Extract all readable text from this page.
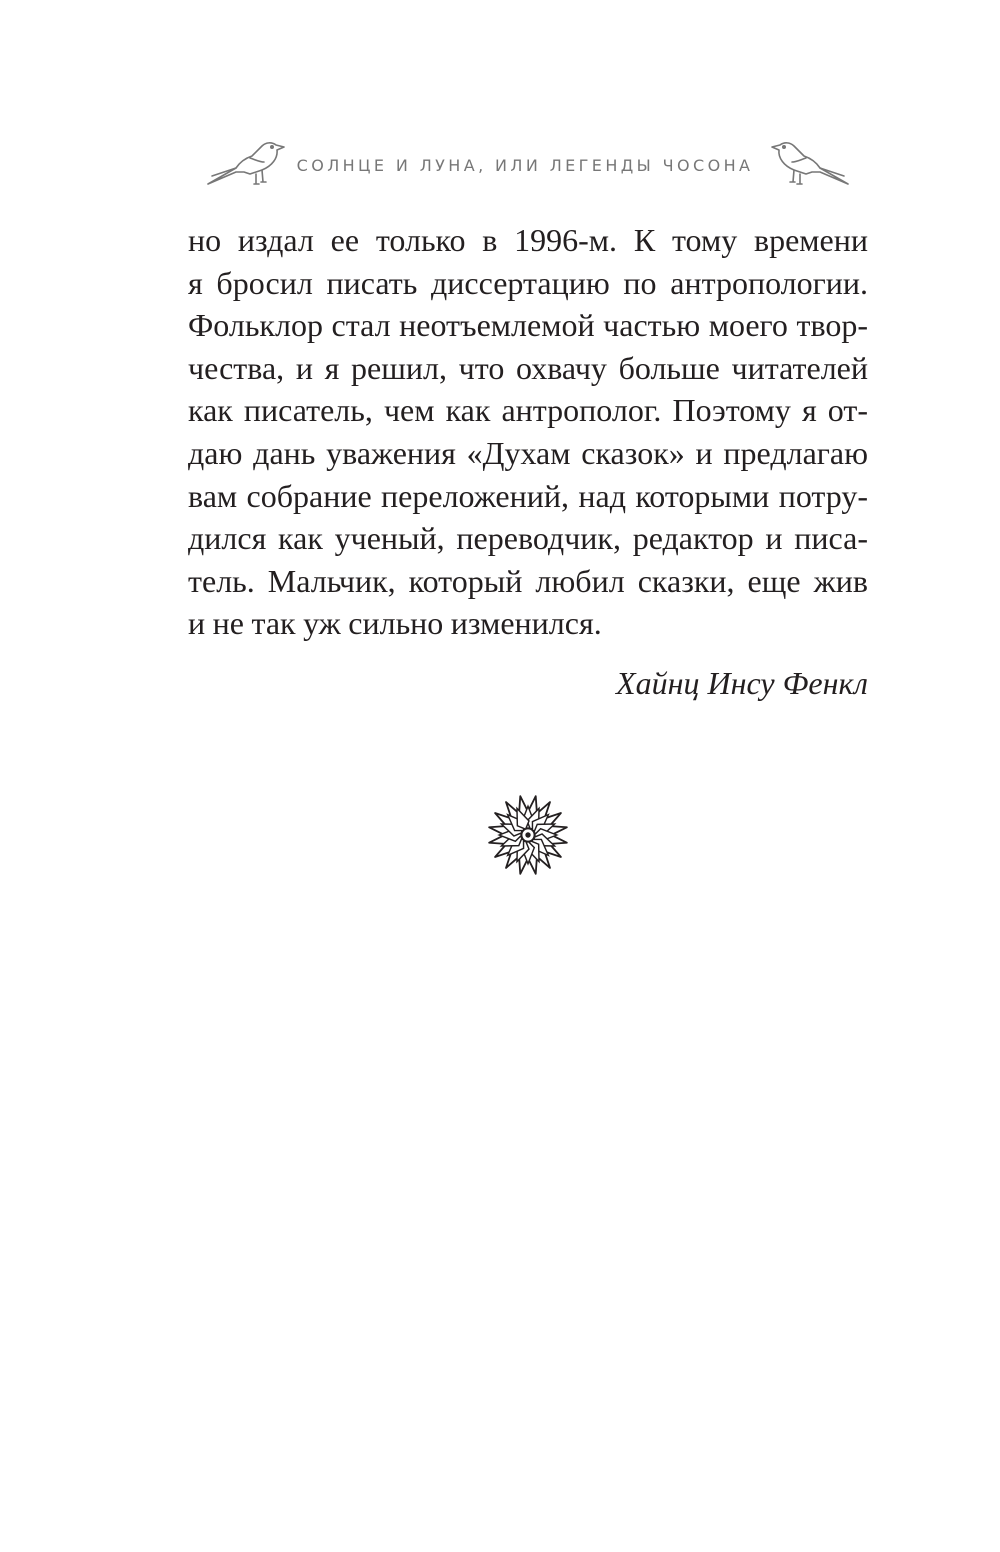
СОЛНЦЕ И ЛУНА, ИЛИ ЛЕГЕНДЫ ЧОСОНА
но издал ее только в 1996-м. К тому времени
я бросил писать диссертацию по антропологии.
Фольклор стал неотъемлемой частью моего твор-
чества, и я решил, что охвачу больше читателей
как писатель, чем как антрополог. Поэтому я от-
даю дань уважения «Духам сказок» и предлагаю
вам собрание переложений, над которыми потру-
дился как ученый, переводчик, редактор и писа-
тель. Мальчик, который любил сказки, еще жив
и не так уж сильно изменился.
Хайнц Инсу Фенкл
